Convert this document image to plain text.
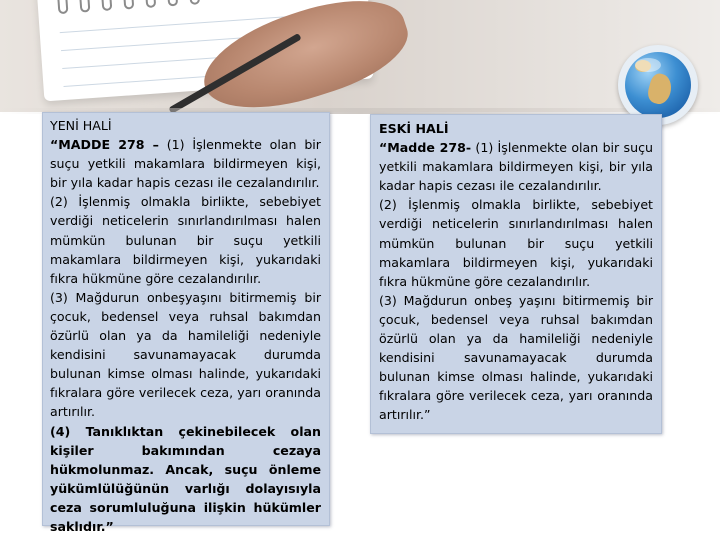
YENİ HALİ

“MADDE 278 – (1) İşlenmekte olan bir suçu yetkili makamlara bildirmeyen kişi, bir yıla kadar hapis cezası ile cezalandırılır.

(2) İşlenmiş olmakla birlikte, sebebiyet verdiği neticelerin sınırlandırılması halen mümkün bulunan bir suçu yetkili makamlara bildirmeyen kişi, yukarıdaki fıkra hükmüne göre cezalandırılır.

(3) Mağdurun onbeşyaşını bitirmemiş bir çocuk, bedensel veya ruhsal bakımdan özürlü olan ya da hamileliği nedeniyle kendisini savunamayacak durumda bulunan kimse olması halinde, yukarıdaki fıkralara göre verilecek ceza, yarı oranında artırılır.

(4) Tanıklıktan çekinebilecek olan kişiler bakımından cezaya hükmolunmaz. Ancak, suçu önleme yükümlülüğünün varlığı dolayısıyla ceza sorumluluğuna ilişkin hükümler saklıdır.”

ESKİ HALİ

“Madde 278- (1) İşlenmekte olan bir suçu yetkili makamlara bildirmeyen kişi, bir yıla kadar hapis cezası ile cezalandırılır.

(2) İşlenmiş olmakla birlikte, sebebiyet verdiği neticelerin sınırlandırılması halen mümkün bulunan bir suçu yetkili makamlara bildirmeyen kişi, yukarıdaki fıkra hükmüne göre cezalandırılır.

(3) Mağdurun onbeş yaşını bitirmemiş bir çocuk, bedensel veya ruhsal bakımdan özürlü olan ya da hamileliği nedeniyle kendisini savunamayacak durumda bulunan kimse olması halinde, yukarıdaki fıkralara göre verilecek ceza, yarı oranında artırılır.”
